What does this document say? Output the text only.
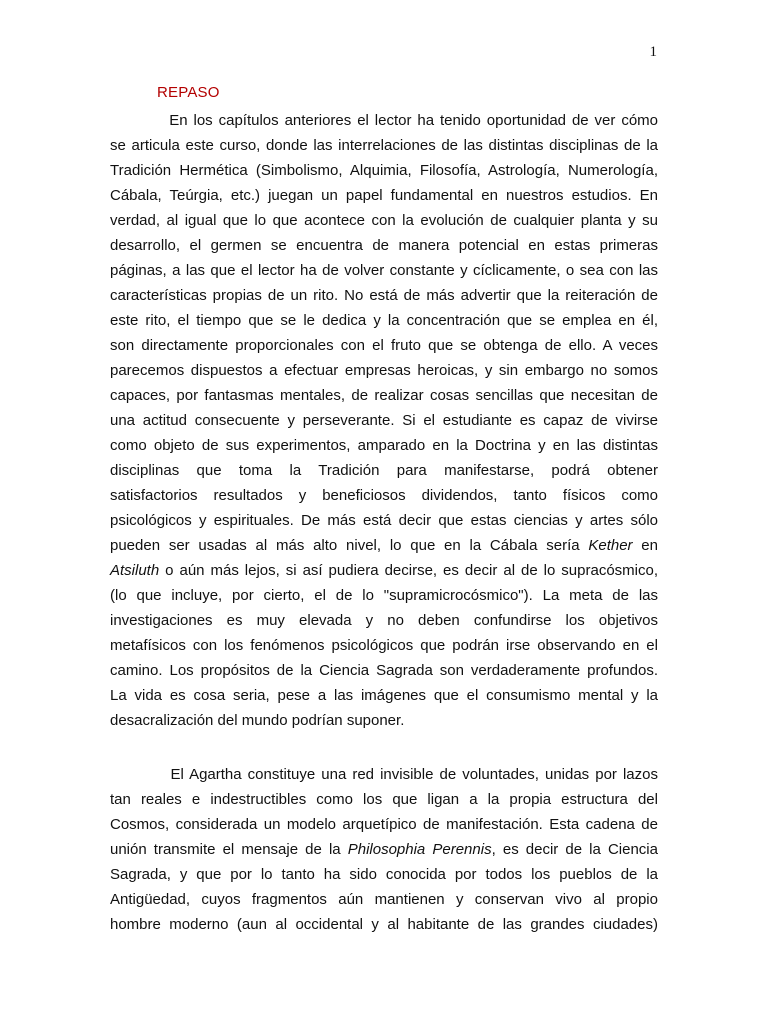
1
REPASO
En los capítulos anteriores el lector ha tenido oportunidad de ver cómo
se articula este curso, donde las interrelaciones de las distintas disciplinas de la
Tradición Hermética (Simbolismo, Alquimia, Filosofía, Astrología, Numerología,
Cábala, Teúrgia, etc.) juegan un papel fundamental en nuestros estudios. En
verdad, al igual que lo que acontece con la evolución de cualquier planta y su
desarrollo, el germen se encuentra de manera potencial en estas primeras
páginas, a las que el lector ha de volver constante y cíclicamente, o sea con las
características propias de un rito. No está de más advertir que la reiteración de
este rito, el tiempo que se le dedica y la concentración que se emplea en él,
son directamente proporcionales con el fruto que se obtenga de ello. A veces
parecemos dispuestos a efectuar empresas heroicas, y sin embargo no somos
capaces, por fantasmas mentales, de realizar cosas sencillas que necesitan de
una actitud consecuente y perseverante. Si el estudiante es capaz de vivirse
como objeto de sus experimentos, amparado en la Doctrina y en las distintas
disciplinas que toma la Tradición para manifestarse, podrá obtener
satisfactorios resultados y beneficiosos dividendos, tanto físicos como
psicológicos y espirituales. De más está decir que estas ciencias y artes sólo
pueden ser usadas al más alto nivel, lo que en la Cábala sería Kether en
Atsiluth o aún más lejos, si así pudiera decirse, es decir al de lo supracósmico,
(lo que incluye, por cierto, el de lo "supramicrocósmico"). La meta de las
investigaciones es muy elevada y no deben confundirse los objetivos
metafísicos con los fenómenos psicológicos que podrán irse observando en el
camino. Los propósitos de la Ciencia Sagrada son verdaderamente profundos.
La vida es cosa seria, pese a las imágenes que el consumismo mental y la
desacralización del mundo podrían suponer.
El Agartha constituye una red invisible de voluntades, unidas por lazos
tan reales e indestructibles como los que ligan a la propia estructura del
Cosmos, considerada un modelo arquetípico de manifestación. Esta cadena de
unión transmite el mensaje de la Philosophia Perennis, es decir de la Ciencia
Sagrada, y que por lo tanto ha sido conocida por todos los pueblos de la
Antigüedad, cuyos fragmentos aún mantienen y conservan vivo al propio
hombre moderno (aun al occidental y al habitante de las grandes ciudades)
